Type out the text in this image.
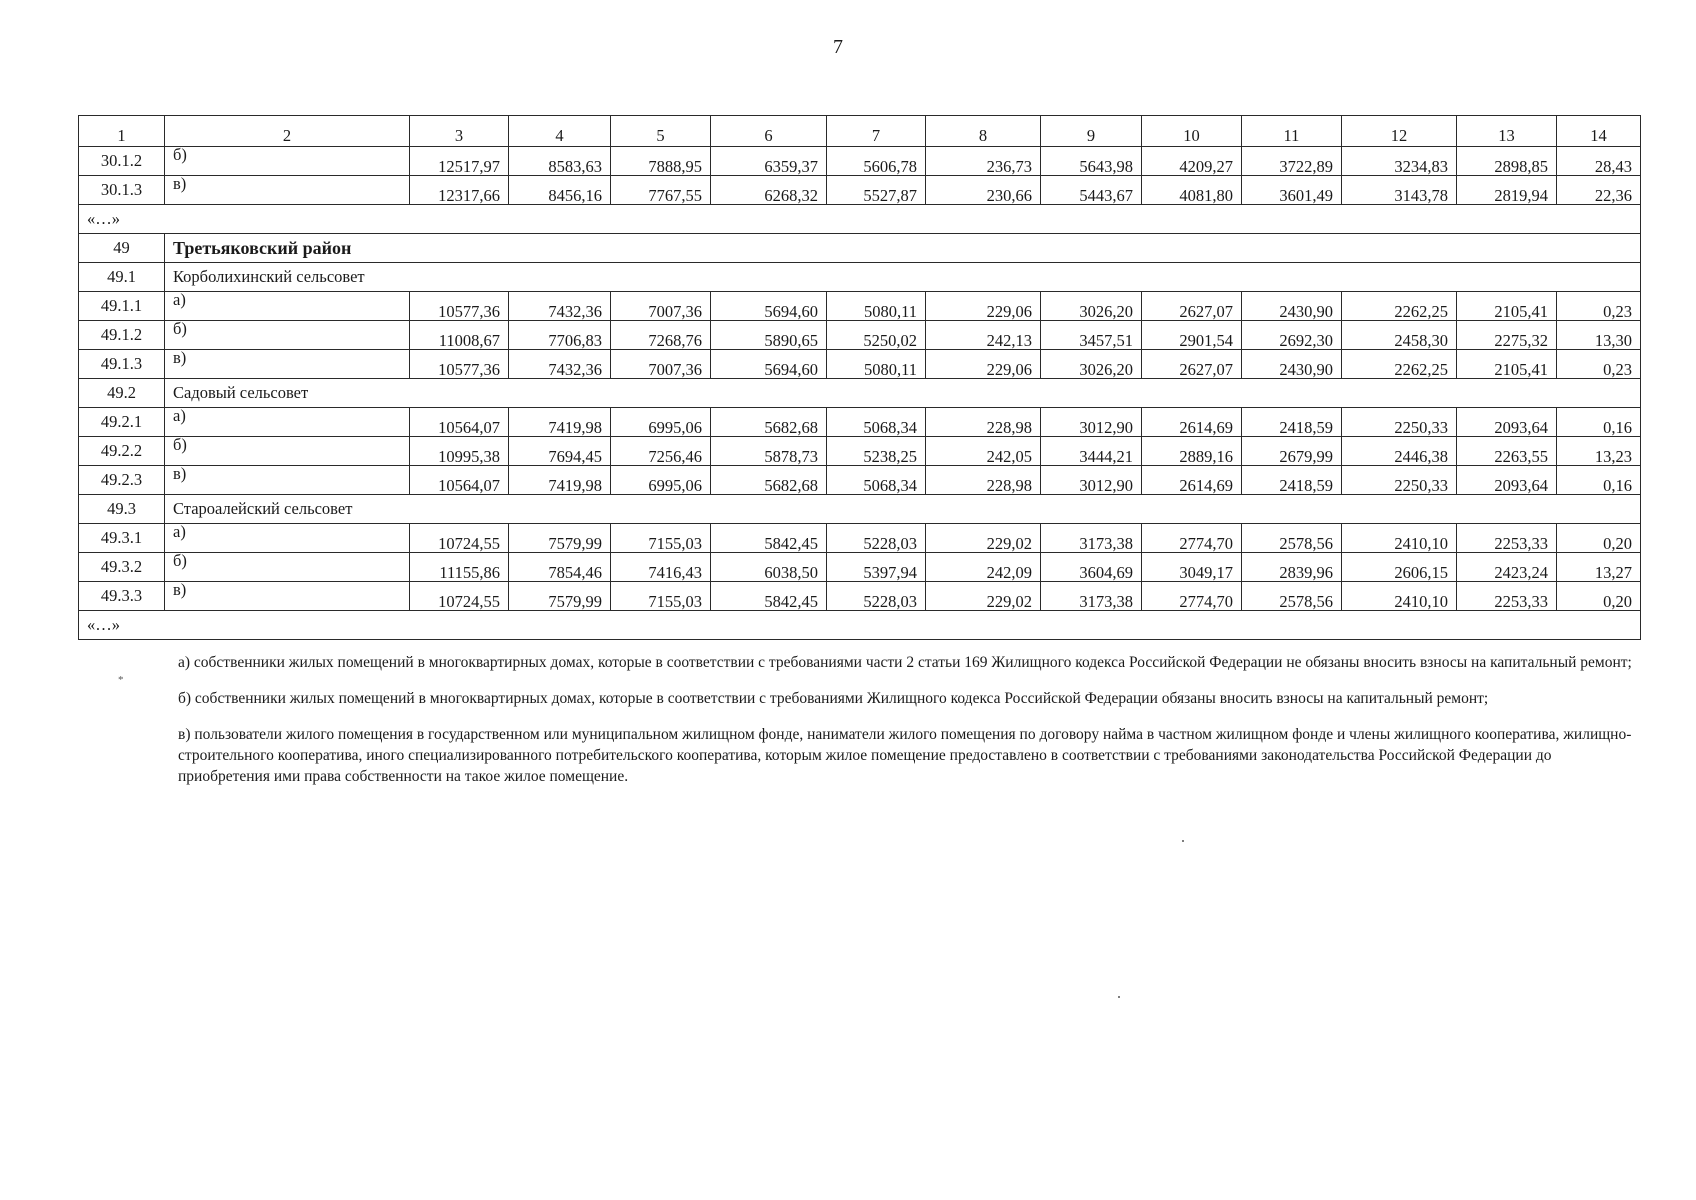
7
1	2	3	4	5	6	7	8	9	10	11	12	13	14
30.1.2	б)	12517,97	8583,63	7888,95	6359,37	5606,78	236,73	5643,98	4209,27	3722,89	3234,83	2898,85	28,43
30.1.3	в)	12317,66	8456,16	7767,55	6268,32	5527,87	230,66	5443,67	4081,80	3601,49	3143,78	2819,94	22,36
«…»													
49	Третьяковский район												
49.1	Корболихинский сельсовет												
49.1.1	а)	10577,36	7432,36	7007,36	5694,60	5080,11	229,06	3026,20	2627,07	2430,90	2262,25	2105,41	0,23
49.1.2	б)	11008,67	7706,83	7268,76	5890,65	5250,02	242,13	3457,51	2901,54	2692,30	2458,30	2275,32	13,30
49.1.3	в)	10577,36	7432,36	7007,36	5694,60	5080,11	229,06	3026,20	2627,07	2430,90	2262,25	2105,41	0,23
49.2	Садовый сельсовет												
49.2.1	а)	10564,07	7419,98	6995,06	5682,68	5068,34	228,98	3012,90	2614,69	2418,59	2250,33	2093,64	0,16
49.2.2	б)	10995,38	7694,45	7256,46	5878,73	5238,25	242,05	3444,21	2889,16	2679,99	2446,38	2263,55	13,23
49.2.3	в)	10564,07	7419,98	6995,06	5682,68	5068,34	228,98	3012,90	2614,69	2418,59	2250,33	2093,64	0,16
49.3	Староалейский сельсовет												
49.3.1	а)	10724,55	7579,99	7155,03	5842,45	5228,03	229,02	3173,38	2774,70	2578,56	2410,10	2253,33	0,20
49.3.2	б)	11155,86	7854,46	7416,43	6038,50	5397,94	242,09	3604,69	3049,17	2839,96	2606,15	2423,24	13,27
49.3.3	в)	10724,55	7579,99	7155,03	5842,45	5228,03	229,02	3173,38	2774,70	2578,56	2410,10	2253,33	0,20
«…»													
*

а) собственники жилых помещений в многоквартирных домах, которые в соответствии с требованиями части 2 статьи 169 Жилищного кодекса Российской Федерации не обязаны вносить взносы на капитальный ремонт;

б) собственники жилых помещений в многоквартирных домах, которые в соответствии с требованиями Жилищного кодекса Российской Федерации обязаны вносить взносы на капитальный ремонт;

в) пользователи жилого помещения в государственном или муниципальном жилищном фонде, наниматели жилого помещения по договору найма в частном жилищном фонде и члены жилищного кооператива, жилищно-строительного кооператива, иного специализированного потребительского кооператива, которым жилое помещение предоставлено в соответствии с требованиями законодательства Российской Федерации до приобретения ими права собственности на такое жилое помещение.
